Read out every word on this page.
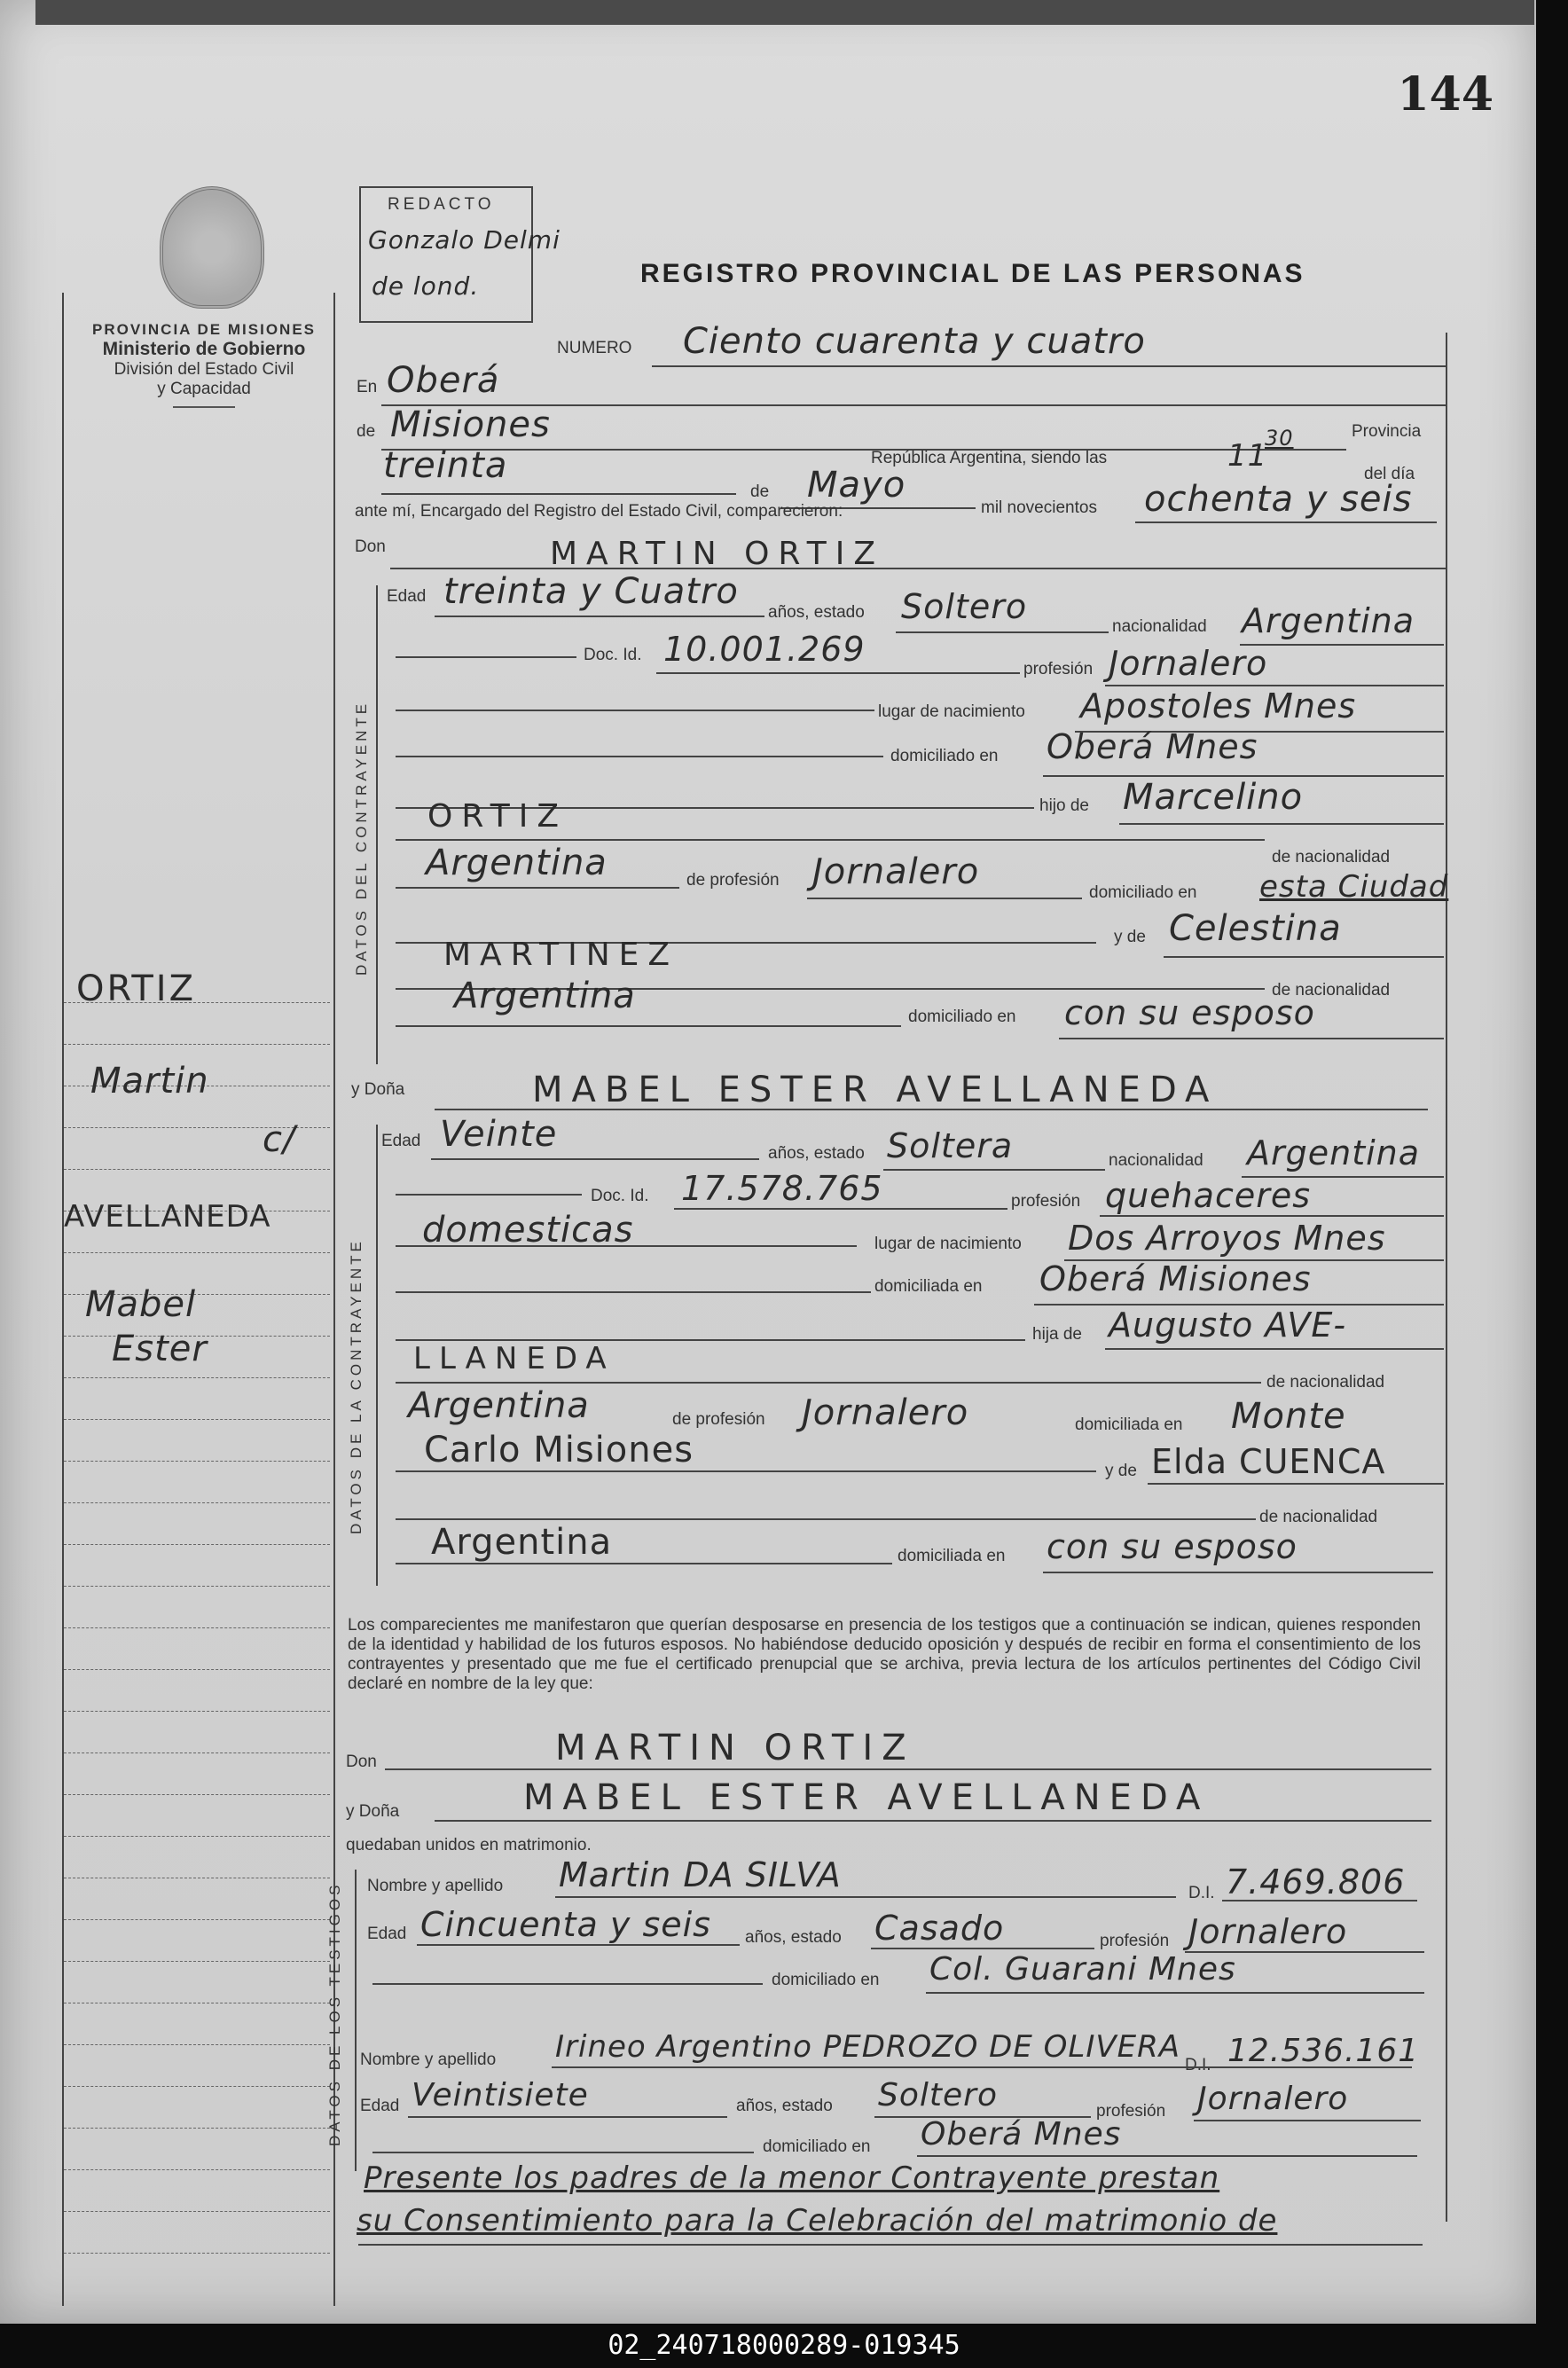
144
REDACTO
Gonzalo Delmi
de lond.
PROVINCIA DE MISIONES
Ministerio de Gobierno
División del Estado Civil
y Capacidad
REGISTRO PROVINCIAL DE LAS PERSONAS
ORTIZ
Martin
c/
AVELLANEDA
Mabel
Ester
NUMERO Ciento cuarenta y cuatro
En Oberá
de Misiones	Provincia
treinta	República Argentina, siendo las	11
30
del día
de Mayo
mil novecientos ochenta y seis
ante mí, Encargado del Registro del Estado Civil, comparecieron:
Don	MARTIN ORTIZ
DATOS DEL CONTRAYENTE
Edad treinta y Cuatro
años, estado Soltero
nacionalidad Argentina
Doc. Id. 10.001.269
profesión Jornalero
lugar de nacimiento Apostoles Mnes
domiciliado en Oberá Mnes
hijo de Marcelino
ORTIZ
de nacionalidad
Argentina	de profesión Jornalero
domiciliado en esta Ciudad
y de Celestina
MARTINEZ
de nacionalidad
Argentina
domiciliado en con su esposo
y Doña	MABEL ESTER AVELLANEDA
DATOS DE LA CONTRAYENTE
Edad Veinte	años, estado Soltera	nacionalidad Argentina
Doc. Id. 17.578.765	profesión quehaceres
domesticas	lugar de nacimiento Dos Arroyos Mnes
domiciliada en Oberá Misiones
hija de Augusto AVE-
LLANEDA
de nacionalidad
Argentina	de profesión Jornalero	domiciliada en Monte
Carlo Misiones
y de Elda CUENCA
de nacionalidad
Argentina	domiciliada en con su esposo
Los comparecientes me manifestaron que querían desposarse en presencia de los testigos que a continuación se indican, quienes responden de la identidad y habilidad de los futuros esposos. No habiéndose deducido oposición y después de recibir en forma el consentimiento de los contrayentes y presentado que me fue el certificado prenupcial que se archiva, previa lectura de los artículos pertinentes del Código Civil declaré en nombre de la ley que:
Don	MARTIN ORTIZ
y Doña	MABEL ESTER AVELLANEDA
quedaban unidos en matrimonio.
DATOS DE LOS TESTIGOS Nombre y apellido Martin DA SILVA	D.I. 7.469.806
Edad Cincuenta y seis años, estado Casado	profesión Jornalero
domiciliado en Col. Guarani Mnes
Nombre y apellido Irineo Argentino PEDROZO DE OLIVERA
D.I. 12.536.161
Edad Veintisiete	años, estado Soltero	profesión Jornalero
domiciliado en Oberá Mnes
Presente los padres de la menor Contrayente prestan
su Consentimiento para la Celebración del matrimonio de
02_240718000289-019345
